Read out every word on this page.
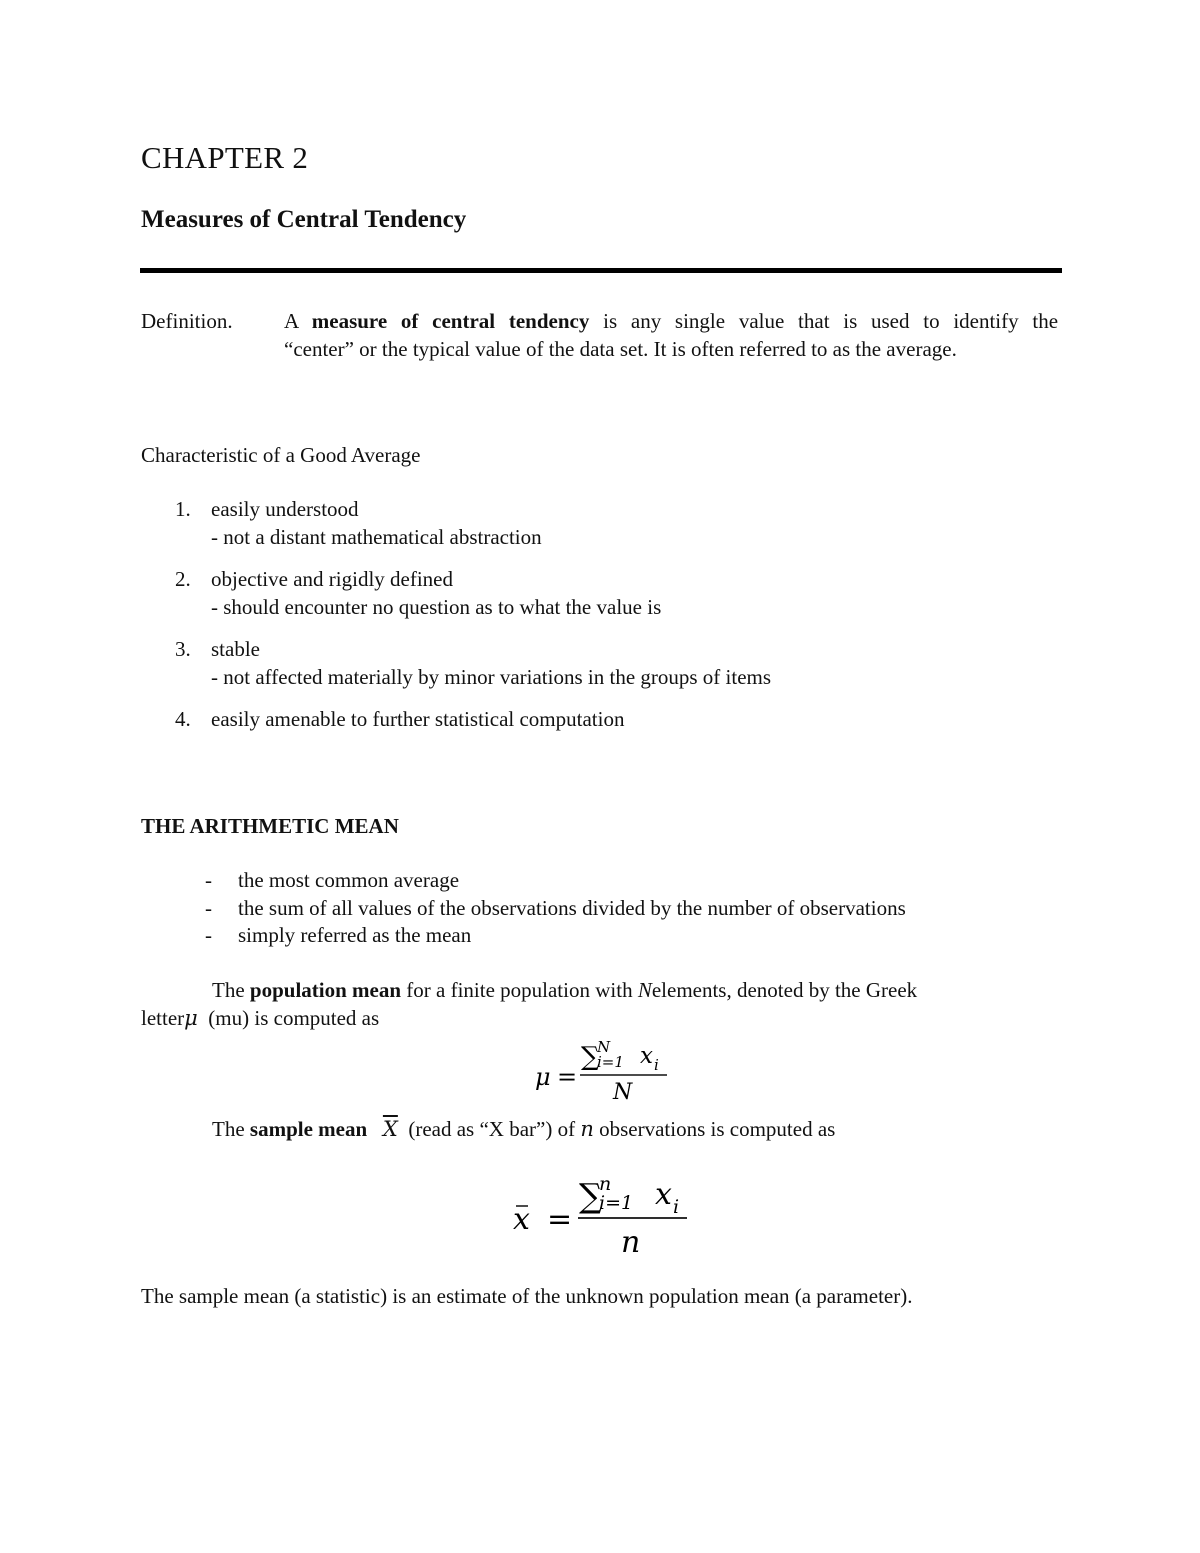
CHAPTER 2
Measures of Central Tendency
Definition. A measure of central tendency is any single value that is used to identify the
“center” or the typical value of the data set. It is often referred to as the average.
Characteristic of a Good Average
1. easily understood
- not a distant mathematical abstraction
2. objective and rigidly defined
- should encounter no question as to what the value is
3. stable
- not affected materially by minor variations in the groups of items
4. easily amenable to further statistical computation
THE ARITHMETIC MEAN
- the most common average
- the sum of all values of the observations divided by the number of observations
- simply referred as the mean
The population mean for a finite population with Nelements, denoted by the Greek
letterμ (mu) is computed as
μ =
∑
N
i=1 x i
N
x =
∑
n
i=1 x i
n
The sample mean $\overline{X}$ (read as “X bar”) of n observations is computed as
The sample mean (a statistic) is an estimate of the unknown population mean (a parameter).
